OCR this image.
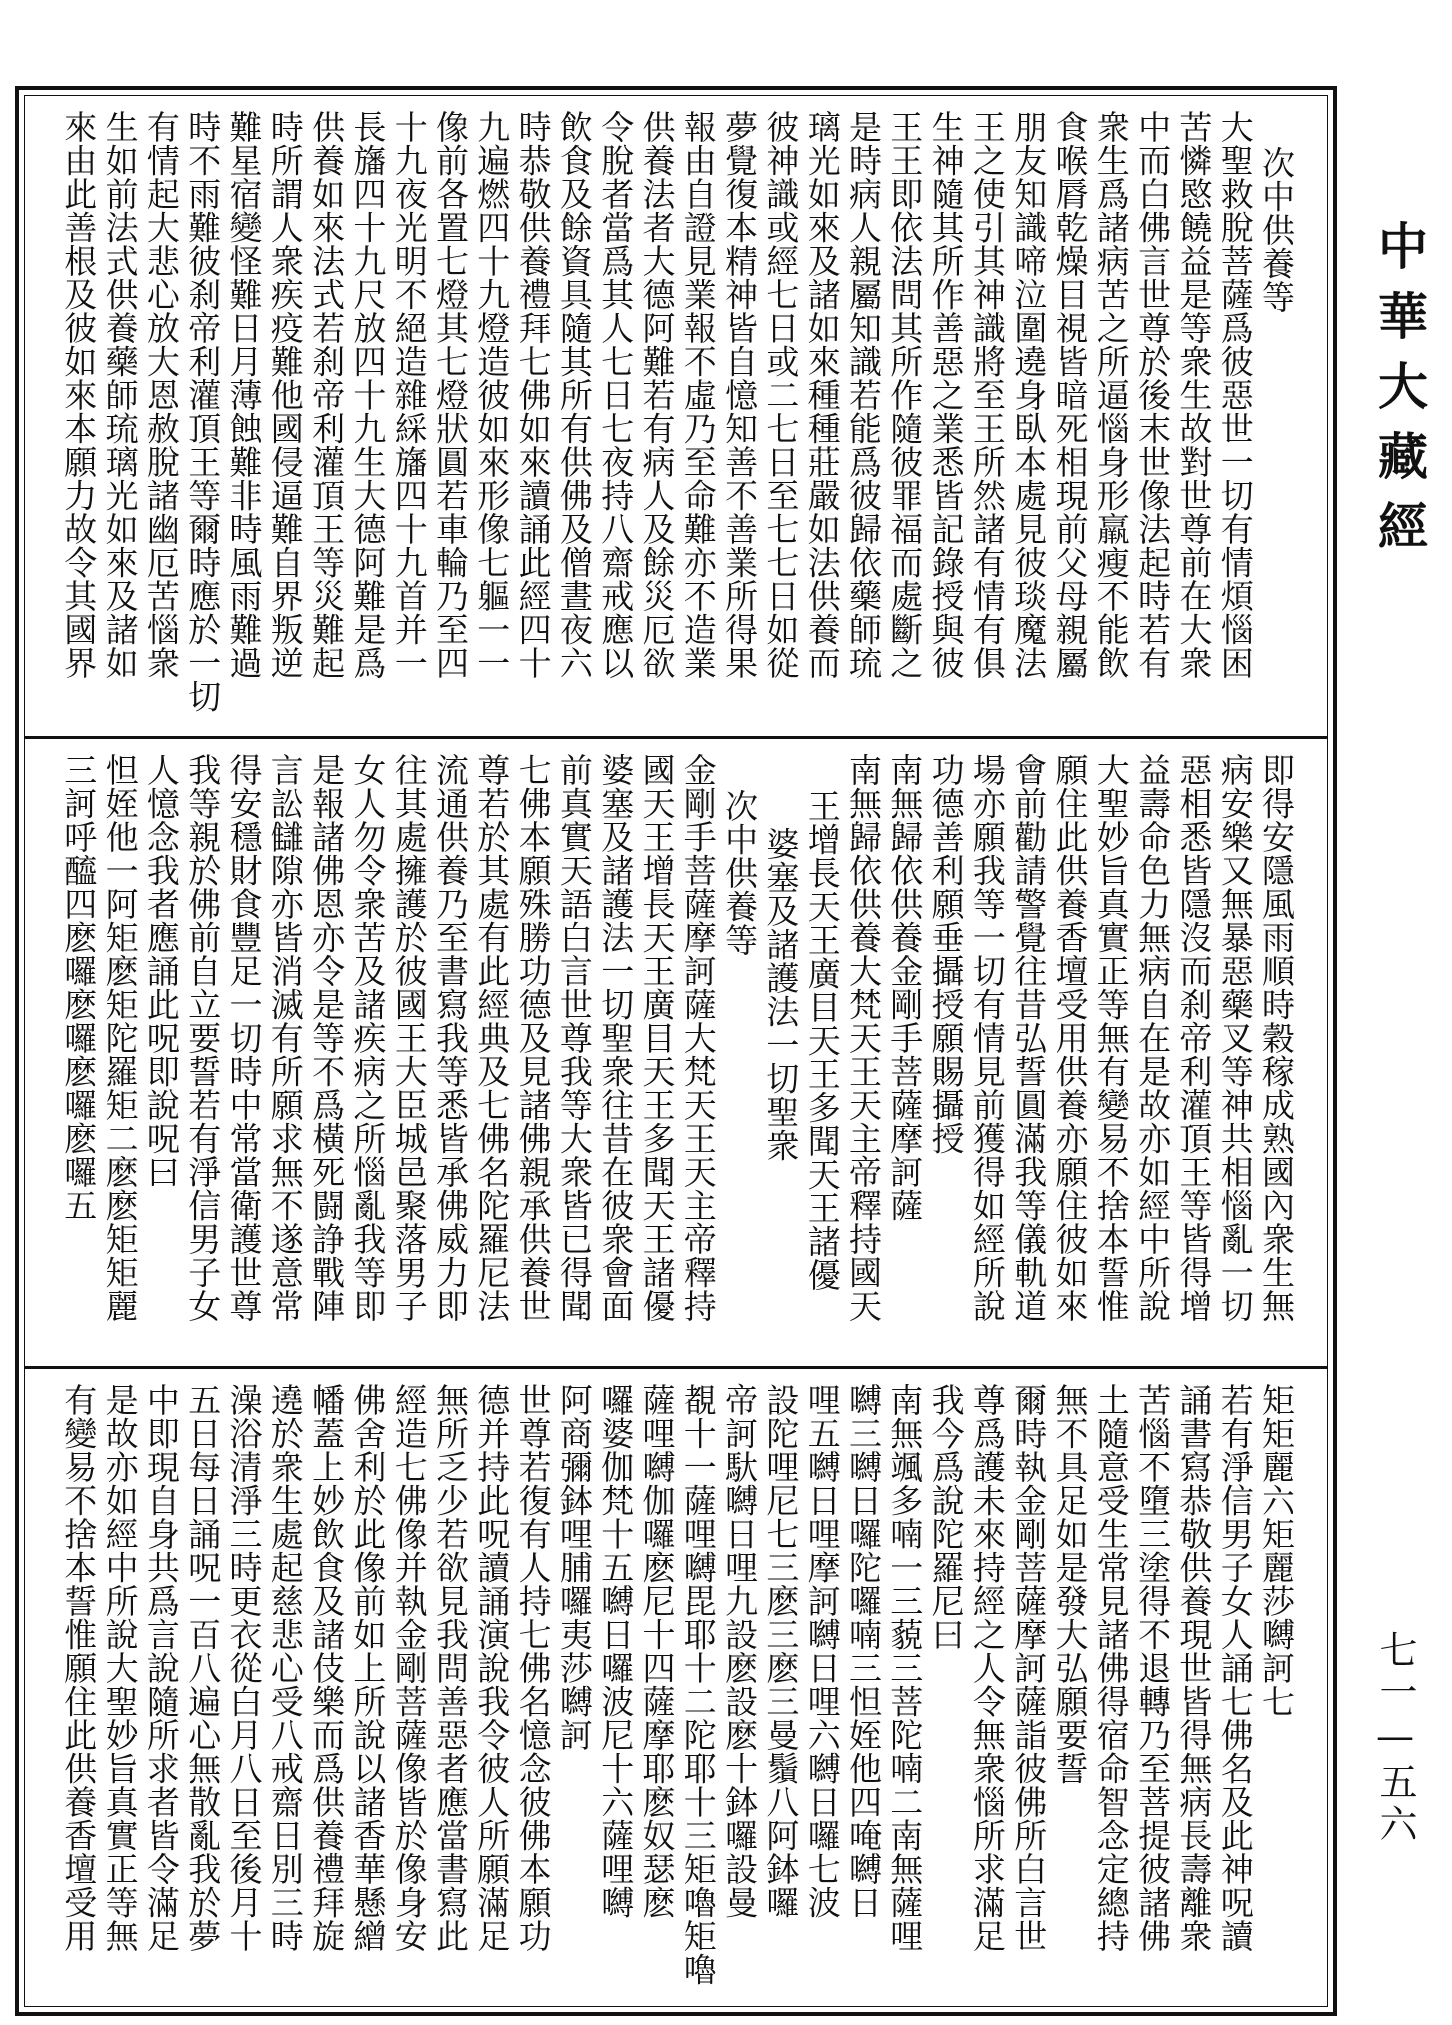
次中供養等
大聖救脫菩薩爲彼惡世一切有情煩惱困
苦憐愍饒益是等衆生故對世尊前在大衆
中而白佛言世尊於後末世像法起時若有
衆生爲諸病苦之所逼惱身形羸瘦不能飲
食喉脣乾燥目視皆暗死相現前父母親屬
朋友知識啼泣圍遶身臥本處見彼琰魔法
王之使引其神識將至王所然諸有情有俱
生神隨其所作善惡之業悉皆記錄授與彼
王王即依法問其所作隨彼罪福而處斷之
是時病人親屬知識若能爲彼歸依藥師琉
璃光如來及諸如來種種莊嚴如法供養而
彼神識或經七日或二七日至七七日如從
夢覺復本精神皆自憶知善不善業所得果
報由自證見業報不虛乃至命難亦不造業
供養法者大德阿難若有病人及餘災厄欲
令脫者當爲其人七日七夜持八齋戒應以
飲食及餘資具隨其所有供佛及僧晝夜六
時恭敬供養禮拜七佛如來讀誦此經四十
九遍燃四十九燈造彼如來形像七軀一一
像前各置七燈其七燈狀圓若車輪乃至四
十九夜光明不絕造雜綵旛四十九首并一
長旛四十九尺放四十九生大德阿難是爲
供養如來法式若刹帝利灌頂王等災難起
時所謂人衆疾疫難他國侵逼難自界叛逆
難星宿變怪難日月薄蝕難非時風雨難過
時不雨難彼刹帝利灌頂王等爾時應於一切
有情起大悲心放大恩赦脫諸幽厄苦惱衆
生如前法式供養藥師琉璃光如來及諸如
來由此善根及彼如來本願力故令其國界
即得安隱風雨順時穀稼成熟國內衆生無
病安樂又無暴惡藥叉等神共相惱亂一切
惡相悉皆隱沒而刹帝利灌頂王等皆得增
益壽命色力無病自在是故亦如經中所說
大聖妙旨真實正等無有變易不捨本誓惟
願住此供養香壇受用供養亦願住彼如來
會前勸請警覺往昔弘誓圓滿我等儀軌道
場亦願我等一切有情見前獲得如經所說
功德善利願垂攝授願賜攝授
南無歸依供養金剛手菩薩摩訶薩
南無歸依供養大梵天王天主帝釋持國天
王增長天王廣目天王多聞天王諸優
婆塞及諸護法一切聖衆
次中供養等
金剛手菩薩摩訶薩大梵天王天主帝釋持
國天王增長天王廣目天王多聞天王諸優
婆塞及諸護法一切聖衆往昔在彼衆會面
前真實天語白言世尊我等大衆皆已得聞
七佛本願殊勝功德及見諸佛親承供養世
尊若於其處有此經典及七佛名陀羅尼法
流通供養乃至書寫我等悉皆承佛威力即
往其處擁護於彼國王大臣城邑聚落男子
女人勿令衆苦及諸疾病之所惱亂我等即
是報諸佛恩亦令是等不爲橫死闘諍戰陣
言訟讎隙亦皆消滅有所願求無不遂意常
得安穩財食豐足一切時中常當衛護世尊
我等親於佛前自立要誓若有淨信男子女
人憶念我者應誦此呪即說呪曰
怛姪他一阿矩麽矩陀羅矩二麽麽矩矩麗
三訶呼醯四麽囉麽囉麽囉麽囉五
矩矩麗六矩麗莎嚩訶七
若有淨信男子女人誦七佛名及此神呪讀
誦書寫恭敬供養現世皆得無病長壽離衆
苦惱不墮三塗得不退轉乃至菩提彼諸佛
土隨意受生常見諸佛得宿命智念定總持
無不具足如是發大弘願要誓
爾時執金剛菩薩摩訶薩詣彼佛所白言世
尊爲護未來持經之人令無衆惱所求滿足
我今爲說陀羅尼曰
南無颯多喃一三藐三菩陀喃二南無薩哩
嚩三嚩日囉陀囉喃三怛姪他四唵嚩日
哩五嚩日哩摩訶嚩日哩六嚩日囉七波
設陀哩尼七三麽三麽三曼鬚八阿鉢囉
帝訶馱嚩日哩九設麽設麽十鉢囉設曼
覩十一薩哩嚩毘耶十二陀耶十三矩嚕矩嚕
薩哩嚩伽囉麽尼十四薩摩耶麽奴瑟麽
囉婆伽梵十五嚩日囉波尼十六薩哩嚩
阿商彌鉢哩脯囉夷莎嚩訶
世尊若復有人持七佛名憶念彼佛本願功
德并持此呪讀誦演說我令彼人所願滿足
無所乏少若欲見我問善惡者應當書寫此
經造七佛像并執金剛菩薩像皆於像身安
佛舍利於此像前如上所說以諸香華懸繒
幡蓋上妙飲食及諸伎樂而爲供養禮拜旋
遶於衆生處起慈悲心受八戒齋日別三時
澡浴清淨三時更衣從白月八日至後月十
五日每日誦呪一百八遍心無散亂我於夢
中即現自身共爲言說隨所求者皆令滿足
是故亦如經中所說大聖妙旨真實正等無
有變易不捨本誓惟願住此供養香壇受用
中華大藏經
七一—五六
